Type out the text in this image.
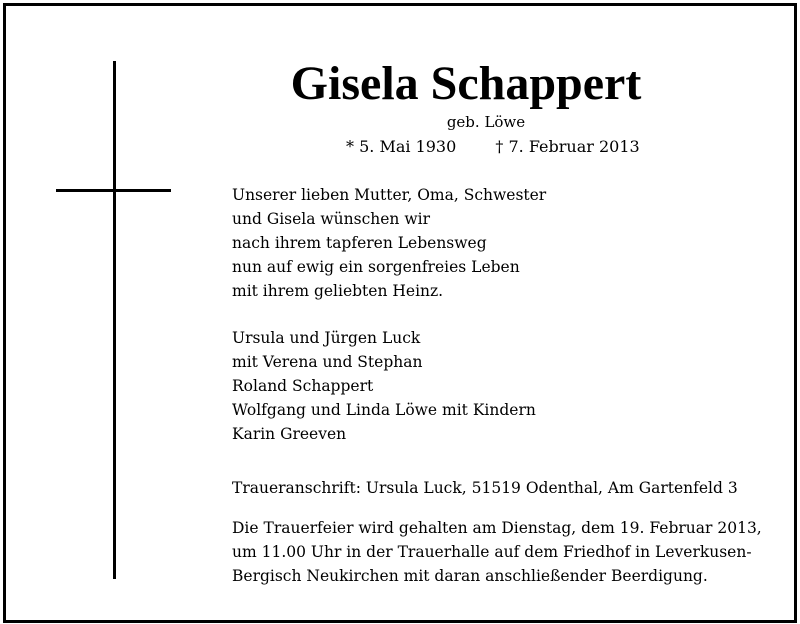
Gisela Schappert
geb. Löwe
* 5. Mai 1930 † 7. Februar 2013
Unserer lieben Mutter, Oma, Schwester
und Gisela wünschen wir
nach ihrem tapferen Lebensweg
nun auf ewig ein sorgenfreies Leben
mit ihrem geliebten Heinz.
Ursula und Jürgen Luck
mit Verena und Stephan
Roland Schappert
Wolfgang und Linda Löwe mit Kindern
Karin Greeven
Traueranschrift: Ursula Luck, 51519 Odenthal, Am Gartenfeld 3
Die Trauerfeier wird gehalten am Dienstag, dem 19. Februar 2013,
um 11.00 Uhr in der Trauerhalle auf dem Friedhof in Leverkusen-
Bergisch Neukirchen mit daran anschließender Beerdigung.
